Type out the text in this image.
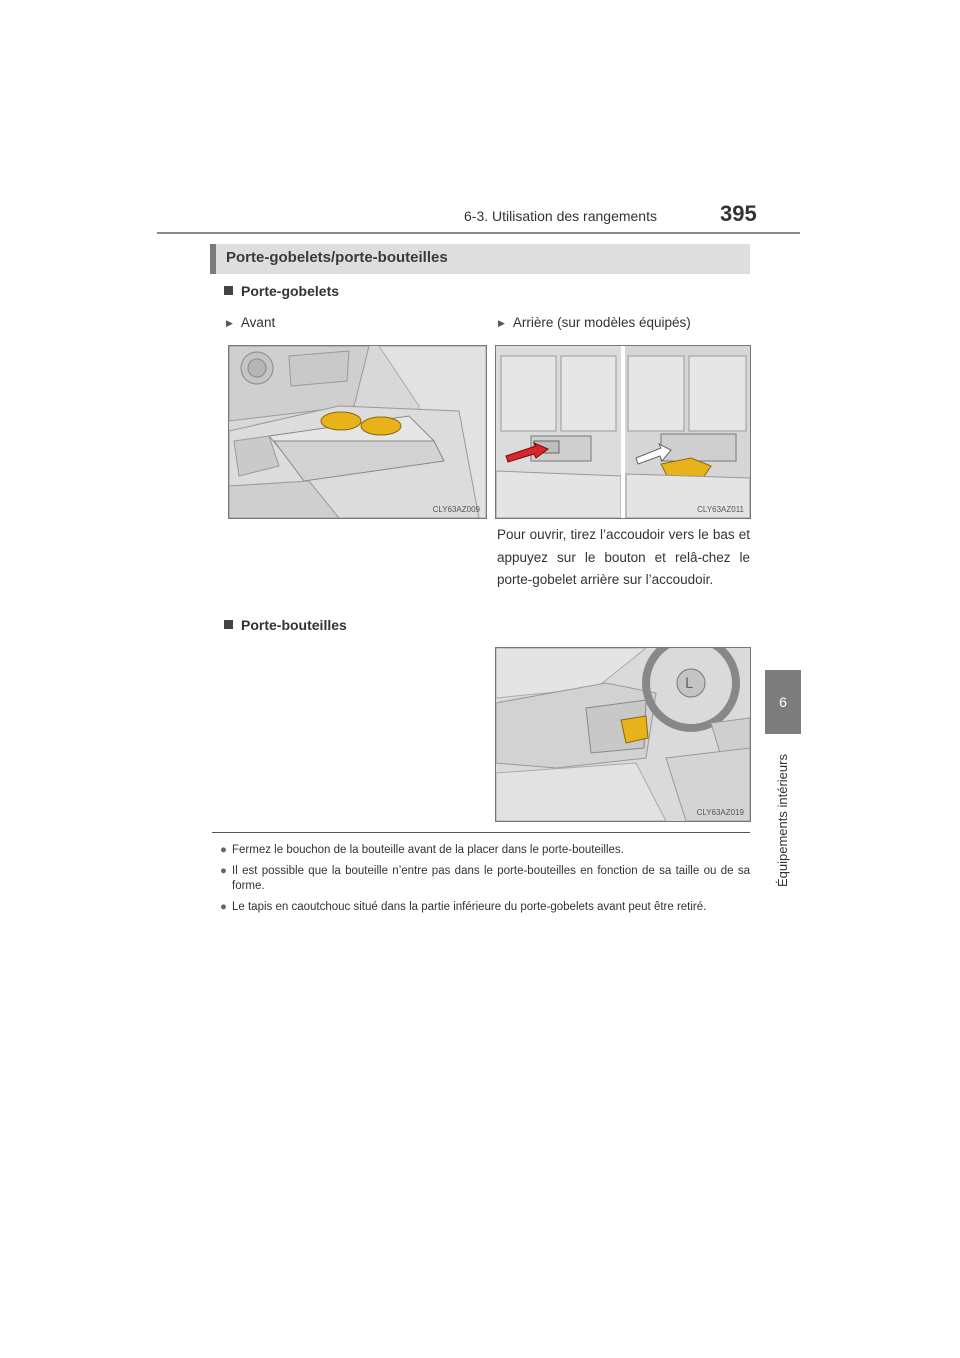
6-3. Utilisation des rangements	395
6
Équipements intérieurs
Porte-gobelets/porte-bouteilles
Porte-gobelets
▶ Avant	▶ Arrière (sur modèles équipés)
CLY63AZ009	CLY63AZ011
Pour ouvrir, tirez l’accoudoir vers le bas et appuyez sur le bouton et relâ-chez le porte-gobelet arrière sur l’accoudoir.
Porte-bouteilles
L
CLY63AZ019
● Fermez le bouchon de la bouteille avant de la placer dans le porte-bouteilles.
● Il est possible que la bouteille n’entre pas dans le porte-bouteilles en fonction de sa taille ou de sa forme.
● Le tapis en caoutchouc situé dans la partie inférieure du porte-gobelets avant peut être retiré.
